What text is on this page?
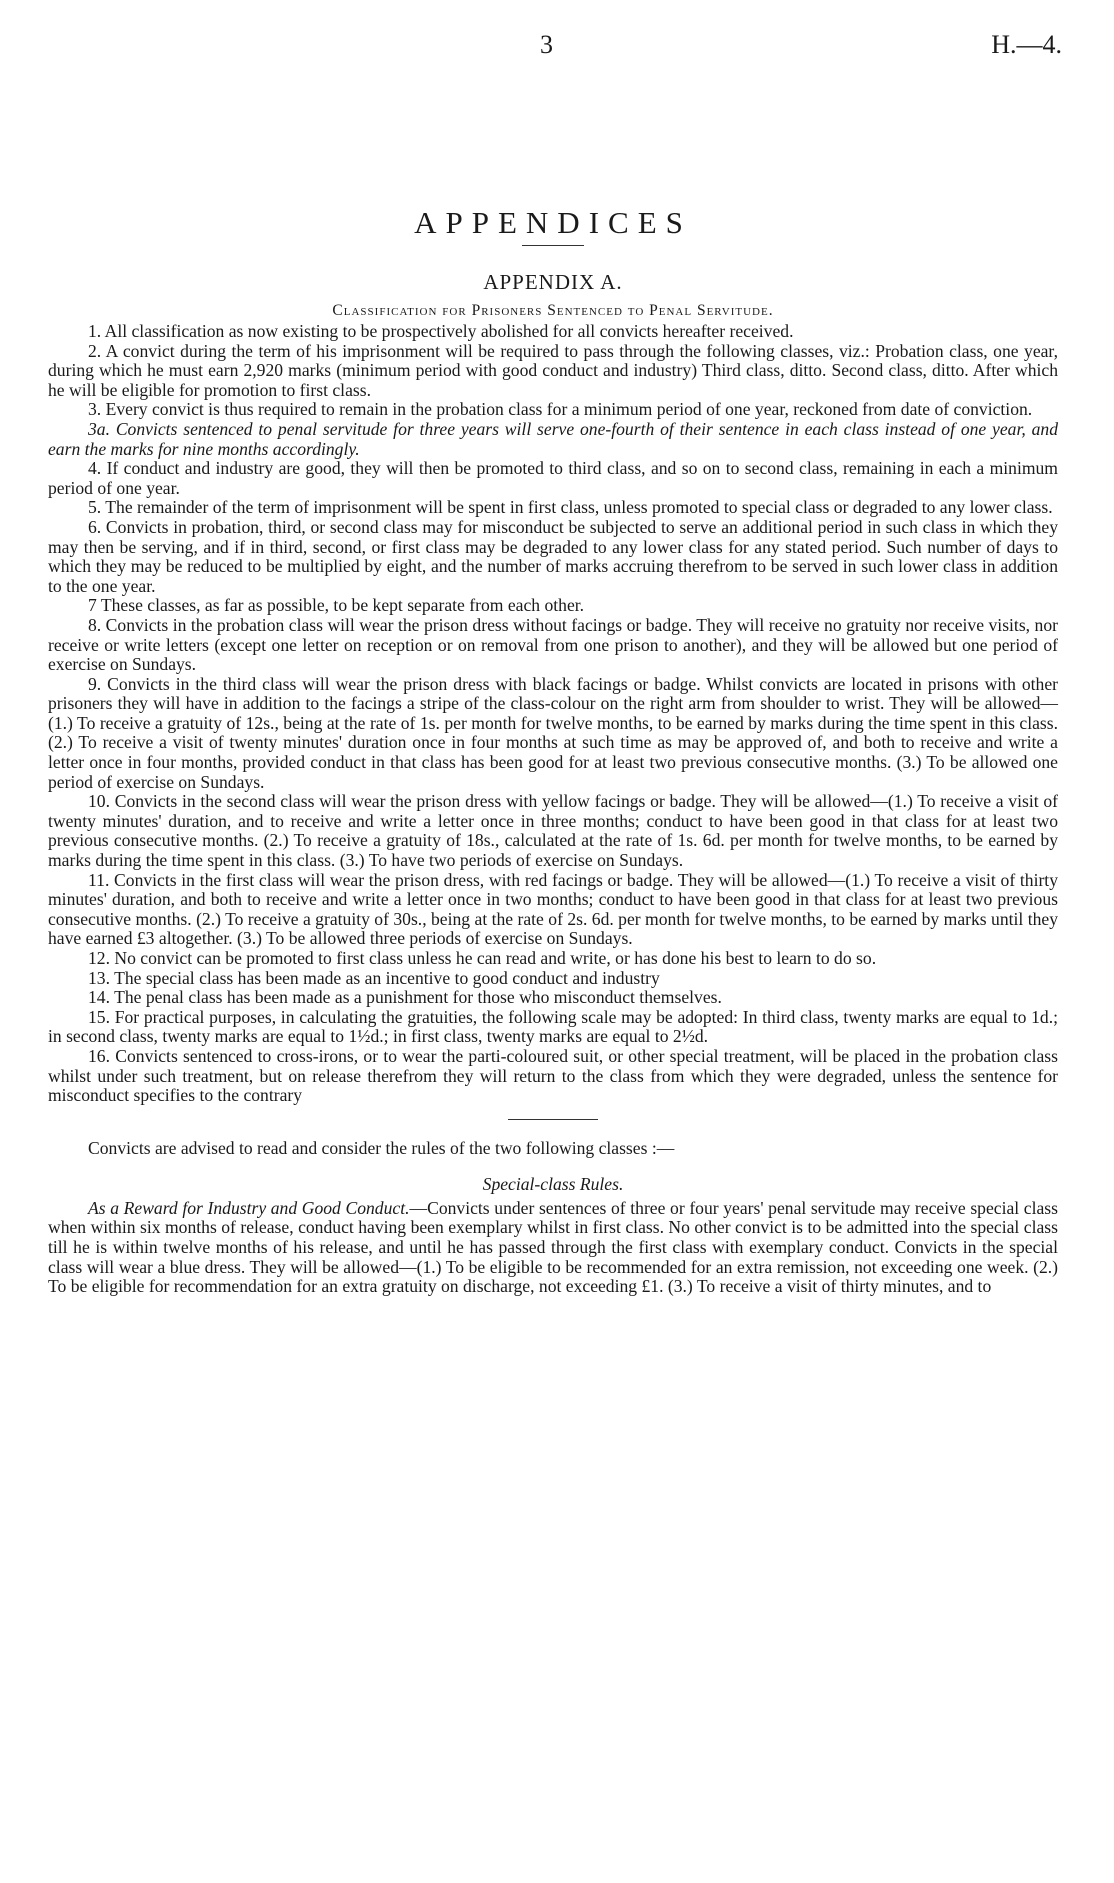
3	H.—4.
APPENDICES
APPENDIX A.
Classification for Prisoners Sentenced to Penal Servitude.

1. All classification as now existing to be prospectively abolished for all convicts hereafter received.

2. A convict during the term of his imprisonment will be required to pass through the following classes, viz.: Probation class, one year, during which he must earn 2,920 marks (minimum period with good conduct and industry) Third class, ditto. Second class, ditto. After which he will be eligible for promotion to first class.

3. Every convict is thus required to remain in the probation class for a minimum period of one year, reckoned from date of conviction.

3a. Convicts sentenced to penal servitude for three years will serve one-fourth of their sentence in each class instead of one year, and earn the marks for nine months accordingly.

4. If conduct and industry are good, they will then be promoted to third class, and so on to second class, remaining in each a minimum period of one year.

5. The remainder of the term of imprisonment will be spent in first class, unless promoted to special class or degraded to any lower class.

6. Convicts in probation, third, or second class may for misconduct be subjected to serve an additional period in such class in which they may then be serving, and if in third, second, or first class may be degraded to any lower class for any stated period. Such number of days to which they may be reduced to be multiplied by eight, and the number of marks accruing therefrom to be served in such lower class in addition to the one year.

7 These classes, as far as possible, to be kept separate from each other.

8. Convicts in the probation class will wear the prison dress without facings or badge. They will receive no gratuity nor receive visits, nor receive or write letters (except one letter on reception or on removal from one prison to another), and they will be allowed but one period of exercise on Sundays.

9. Convicts in the third class will wear the prison dress with black facings or badge. Whilst convicts are located in prisons with other prisoners they will have in addition to the facings a stripe of the class-colour on the right arm from shoulder to wrist. They will be allowed—(1.) To receive a gratuity of 12s., being at the rate of 1s. per month for twelve months, to be earned by marks during the time spent in this class. (2.) To receive a visit of twenty minutes' duration once in four months at such time as may be approved of, and both to receive and write a letter once in four months, provided conduct in that class has been good for at least two previous consecutive months. (3.) To be allowed one period of exercise on Sundays.

10. Convicts in the second class will wear the prison dress with yellow facings or badge. They will be allowed—(1.) To receive a visit of twenty minutes' duration, and to receive and write a letter once in three months; conduct to have been good in that class for at least two previous consecutive months. (2.) To receive a gratuity of 18s., calculated at the rate of 1s. 6d. per month for twelve months, to be earned by marks during the time spent in this class. (3.) To have two periods of exercise on Sundays.

11. Convicts in the first class will wear the prison dress, with red facings or badge. They will be allowed—(1.) To receive a visit of thirty minutes' duration, and both to receive and write a letter once in two months; conduct to have been good in that class for at least two previous consecutive months. (2.) To receive a gratuity of 30s., being at the rate of 2s. 6d. per month for twelve months, to be earned by marks until they have earned £3 altogether. (3.) To be allowed three periods of exercise on Sundays.

12. No convict can be promoted to first class unless he can read and write, or has done his best to learn to do so.

13. The special class has been made as an incentive to good conduct and industry

14. The penal class has been made as a punishment for those who misconduct themselves.

15. For practical purposes, in calculating the gratuities, the following scale may be adopted: In third class, twenty marks are equal to 1d.; in second class, twenty marks are equal to 1½d.; in first class, twenty marks are equal to 2½d.

16. Convicts sentenced to cross-irons, or to wear the parti-coloured suit, or other special treatment, will be placed in the probation class whilst under such treatment, but on release therefrom they will return to the class from which they were degraded, unless the sentence for misconduct specifies to the contrary

Convicts are advised to read and consider the rules of the two following classes :—

Special-class Rules.

As a Reward for Industry and Good Conduct.—Convicts under sentences of three or four years' penal servitude may receive special class when within six months of release, conduct having been exemplary whilst in first class. No other convict is to be admitted into the special class till he is within twelve months of his release, and until he has passed through the first class with exemplary conduct. Convicts in the special class will wear a blue dress. They will be allowed—(1.) To be eligible to be recommended for an extra remission, not exceeding one week. (2.) To be eligible for recommendation for an extra gratuity on discharge, not exceeding £1. (3.) To receive a visit of thirty minutes, and to
